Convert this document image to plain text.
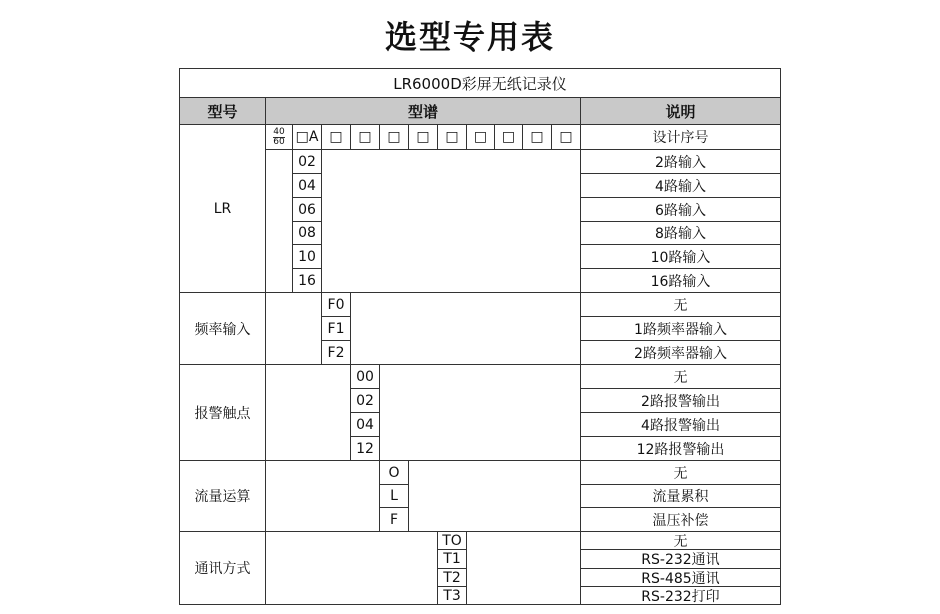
选型专用表
LR6000D彩屏无纸记录仪
型号	型谱	说明
$\frac{40}{60}$ □A □	□	□	□	□	□	□	□	□	设计序号
LR
02	2路输入
04	4路输入
06	6路输入
08	8路输入
10	10路输入
16	16路输入
频率输入
F0	无
F1	1路频率器输入
F2	2路频率器输入
报警触点
00	无
02	2路报警输出
04	4路报警输出
12	12路报警输出
流量运算
O	无
L	流量累积
F	温压补偿
通讯方式
TO	无
T1	RS-232通讯
T2	RS-485通讯
T3	RS-232打印
